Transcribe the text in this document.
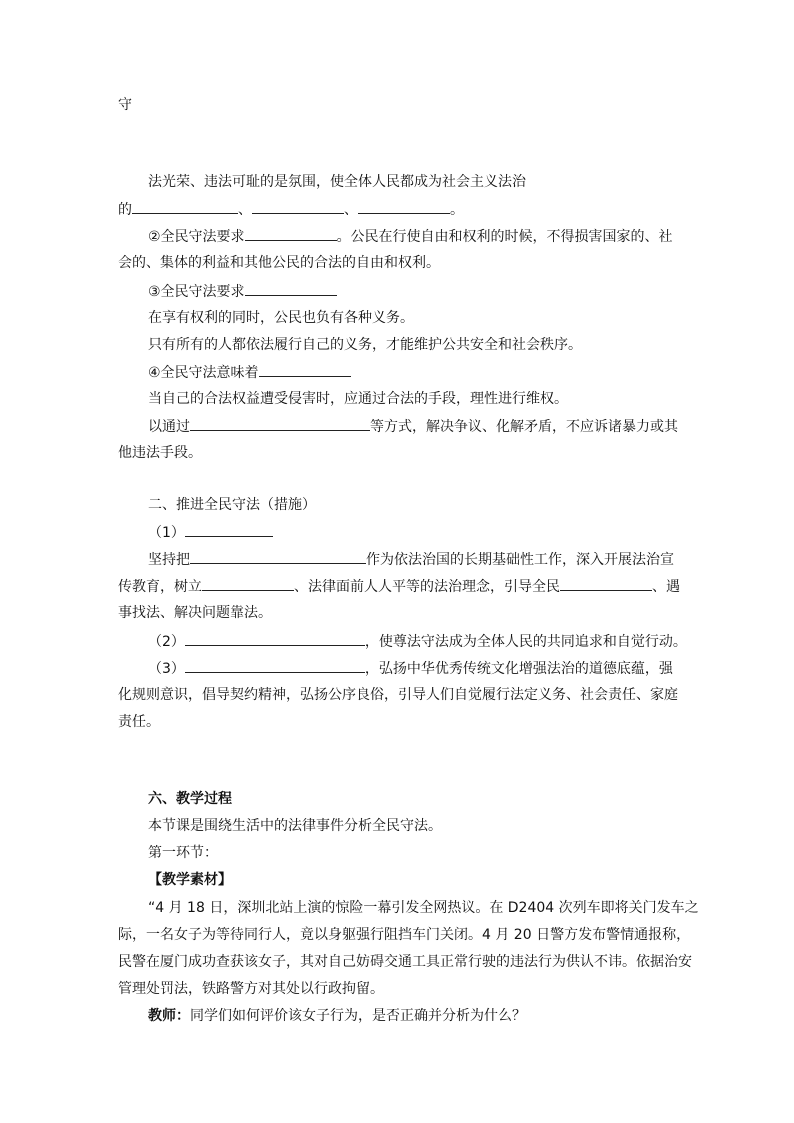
守
法光荣、违法可耻的是氛围，使全体人民都成为社会主义法治
的	、	、	。
②全民守法要求	。公民在行使自由和权利的时候，不得损害国家的、社
会的、集体的利益和其他公民的合法的自由和权利。
③全民守法要求
在享有权利的同时，公民也负有各种义务。
只有所有的人都依法履行自己的义务，才能维护公共安全和社会秩序。
④全民守法意味着
当自己的合法权益遭受侵害时，应通过合法的手段，理性进行维权。
以通过	等方式，解决争议、化解矛盾，不应诉诸暴力或其
他违法手段。
二、推进全民守法（措施）
（1）
坚持把	作为依法治国的长期基础性工作，深入开展法治宣
传教育，树立	、法律面前人人平等的法治理念，引导全民	、遇
事找法、解决问题靠法。
（2）	，使尊法守法成为全体人民的共同追求和自觉行动。
（3）	，弘扬中华优秀传统文化增强法治的道德底蕴，强
化规则意识，倡导契约精神，弘扬公序良俗，引导人们自觉履行法定义务、社会责任、家庭
责任。
六、教学过程
本节课是围绕生活中的法律事件分析全民守法。
第一环节：
【教学素材】
“4 月 18 日，深圳北站上演的惊险一幕引发全网热议。在 D2404 次列车即将关门发车之
际，一名女子为等待同行人，竟以身躯强行阻挡车门关闭。4 月 20 日警方发布警情通报称，
民警在厦门成功查获该女子，其对自己妨碍交通工具正常行驶的违法行为供认不讳。依据治安
管理处罚法，铁路警方对其处以行政拘留。
教师：同学们如何评价该女子行为，是否正确并分析为什么？
